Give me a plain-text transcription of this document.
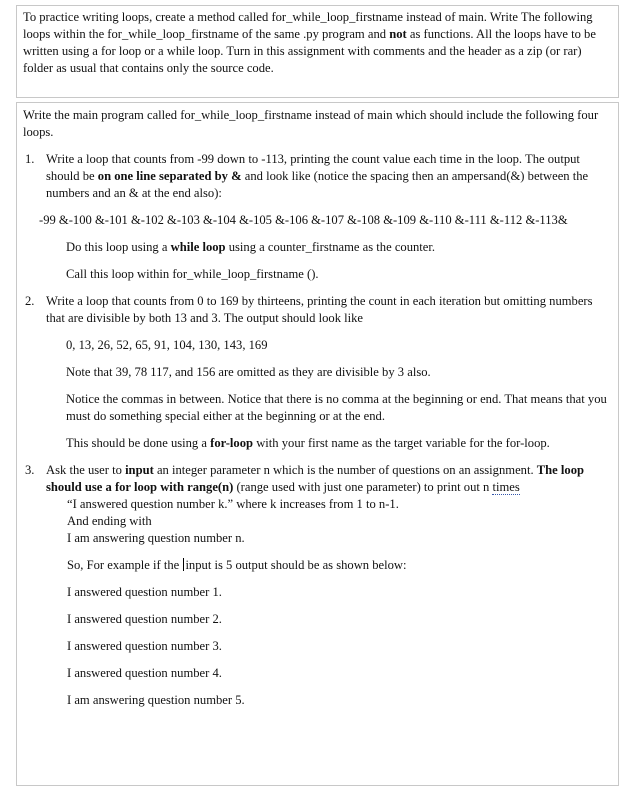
To practice writing loops, create a method called for_while_loop_firstname instead of main. Write The following loops within the for_while_loop_firstname of the same .py program and not as functions. All the loops have to be written using a for loop or a while loop. Turn in this assignment with comments and the header as a zip (or rar) folder as usual that contains only the source code.

Write the main program called for_while_loop_firstname instead of main which should include the following four loops.

1. Write a loop that counts from -99 down to -113, printing the count value each time in the loop. The output should be on one line separated by & and look like (notice the spacing then an ampersand(&) between the numbers and an & at the end also):

-99 &-100 &-101 &-102 &-103 &-104 &-105 &-106 &-107 &-108 &-109 &-110 &-111 &-112 &-113&

Do this loop using a while loop using a counter_firstname as the counter.

Call this loop within for_while_loop_firstname ().

2. Write a loop that counts from 0 to 169 by thirteens, printing the count in each iteration but omitting numbers that are divisible by both 13 and 3. The output should look like

0, 13, 26, 52, 65, 91, 104, 130, 143, 169

Note that 39, 78 117, and 156 are omitted as they are divisible by 3 also.

Notice the commas in between. Notice that there is no comma at the beginning or end. That means that you must do something special either at the beginning or at the end.

This should be done using a for-loop with your first name as the target variable for the for-loop.

3. Ask the user to input an integer parameter n which is the number of questions on an assignment. The loop should use a for loop with range(n) (range used with just one parameter) to print out n times

“I answered question number k.” where k increases from 1 to n-1.

And ending with

I am answering question number n.

So, For example if the input is 5 output should be as shown below:

I answered question number 1.

I answered question number 2.

I answered question number 3.

I answered question number 4.

I am answering question number 5.
